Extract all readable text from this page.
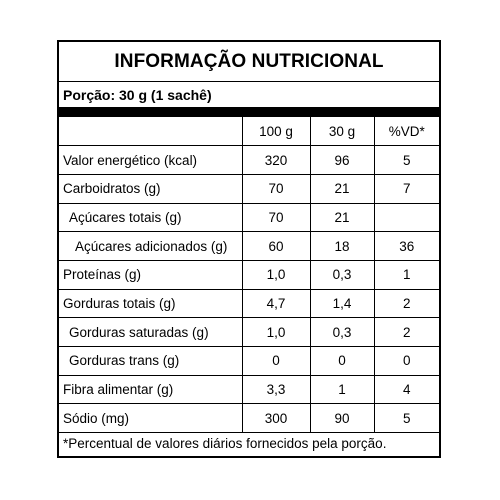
INFORMAÇÃO NUTRICIONAL
Porção: 30 g (1 sachê)
	100 g	30 g	%VD*
Valor energético (kcal)	320	96	5
Carboidratos (g)	70	21	7
Açúcares totais (g)	70	21	
Açúcares adicionados (g)	60	18	36
Proteínas (g)	1,0	0,3	1
Gorduras totais (g)	4,7	1,4	2
Gorduras saturadas (g)	1,0	0,3	2
Gorduras trans (g)	0	0	0
Fibra alimentar (g)	3,3	1	4
Sódio (mg)	300	90	5
*Percentual de valores diários fornecidos pela porção.
